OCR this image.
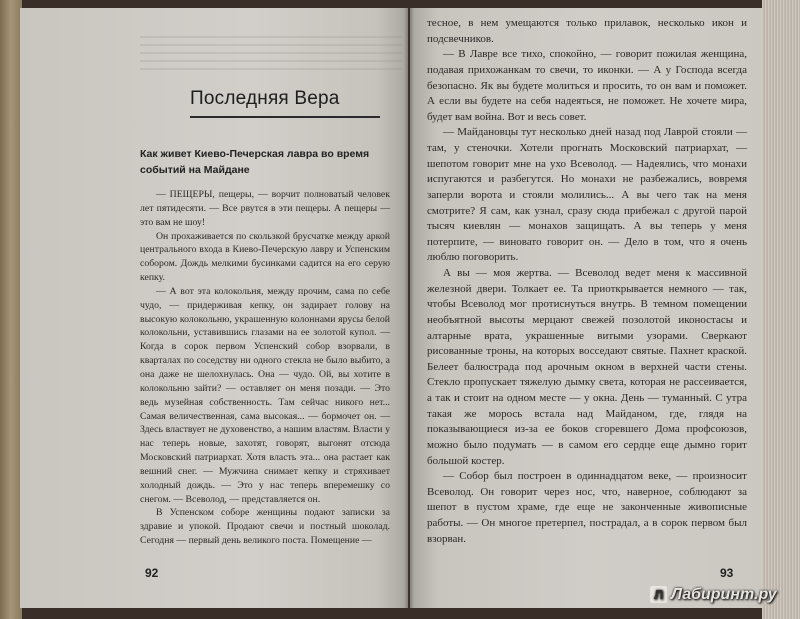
Последняя Вера
Как живет Киево-Печерская лавра во время событий на Майдане

— ПЕЩЕРЫ, пещеры, — ворчит полноватый человек лет пятидесяти. — Все рвутся в эти пещеры. А пещеры — это вам не шоу!

Он прохаживается по скользкой брусчатке между аркой центрального входа в Киево-Печерскую лавру и Успенским собором. Дождь мелкими бусинками садится на его серую кепку.

— А вот эта колокольня, между прочим, сама по себе чудо, — придерживая кепку, он задирает голову на высокую колокольню, украшенную колоннами ярусы белой колокольни, уставившись глазами на ее золотой купол. — Когда в сорок первом Успенский собор взорвали, в кварталах по соседству ни одного стекла не было выбито, а она даже не шелохнулась. Она — чудо. Ой, вы хотите в колокольню зайти? — оставляет он меня позади. — Это ведь музейная собственность. Там сейчас никого нет... Самая величественная, сама высокая... — бормочет он. — Здесь властвует не духовенство, а нашим властям. Власти у нас теперь новые, захотят, говорят, выгонят отсюда Московский патриархат. Хотя власть эта... она растает как вешний снег. — Мужчина снимает кепку и стряхивает холодный дождь. — Это у нас теперь вперемешку со снегом. — Всеволод, — представляется он.

В Успенском соборе женщины подают записки за здравие и упокой. Продают свечи и постный шоколад. Сегодня — первый день великого поста. Помещение —

тесное, в нем умещаются только прилавок, несколько икон и подсвечников.

— В Лавре все тихо, спокойно, — говорит пожилая женщина, подавая прихожанкам то свечи, то иконки. — А у Господа всегда безопасно. Як вы будете молиться и просить, то он вам и поможет. А если вы будете на себя надеяться, не поможет. Не хочете мира, будет вам война. Вот и весь совет.

— Майдановцы тут несколько дней назад под Лаврой стояли — там, у стеночки. Хотели прогнать Московский патриархат, — шепотом говорит мне на ухо Всеволод. — Надеялись, что монахи испугаются и разбегутся. Но монахи не разбежались, вовремя заперли ворота и стояли молились... А вы чего так на меня смотрите? Я сам, как узнал, сразу сюда прибежал с другой парой тысяч киевлян — монахов защищать. А вы теперь у меня потерпите, — виновато говорит он. — Дело в том, что я очень люблю поговорить.

А вы — моя жертва. — Всеволод ведет меня к массивной железной двери. Толкает ее. Та приоткрывается немного — так, чтобы Всеволод мог протиснуться внутрь. В темном помещении необъятной высоты мерцают свежей позолотой иконостасы и алтарные врата, украшенные витыми узорами. Сверкают рисованные троны, на которых восседают святые. Пахнет краской. Белеет балюстрада под арочным окном в верхней части стены. Стекло пропускает тяжелую дымку света, которая не рассеивается, а так и стоит на одном месте — у окна. День — туманный. С утра такая же морось встала над Майданом, где, глядя на показывающиеся из-за ее боков сгоревшего Дома профсоюзов, можно было подумать — в самом его сердце еще дымно горит большой костер.

— Собор был построен в одиннадцатом веке, — произносит Всеволод. Он говорит через нос, что, наверное, соблюдают за шепот в пустом храме, где еще не законченные живописные работы. — Он многое претерпел, пострадал, а в сорок первом был взорван.

92	93
Л Лабиринт.ру
